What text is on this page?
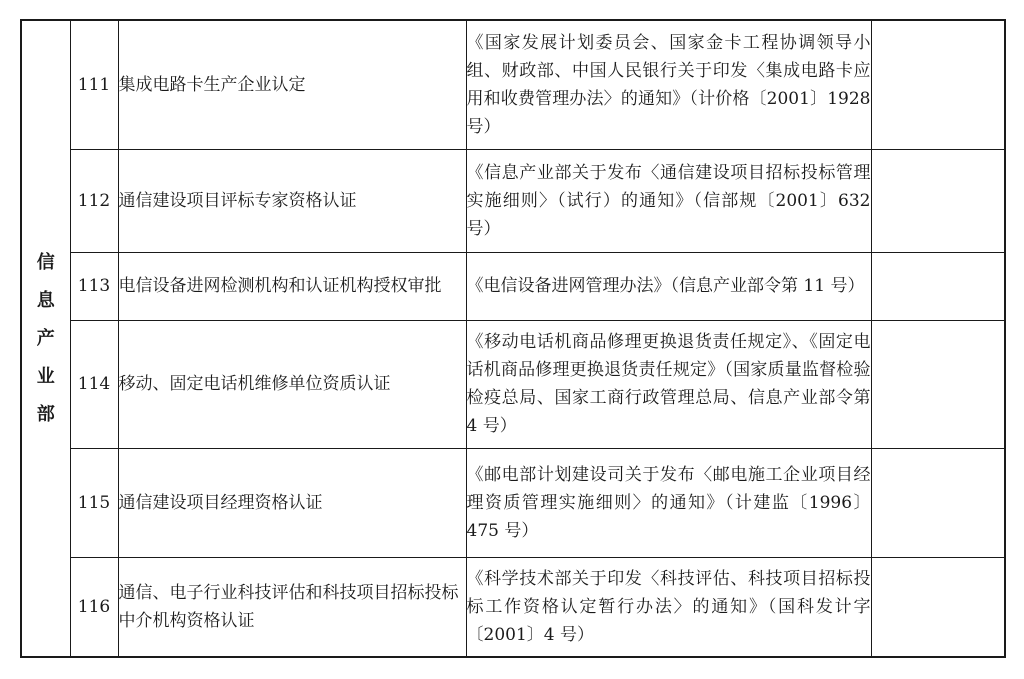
信
息
产
业
部	111	集成电路卡生产企业认定	《国家发展计划委员会、国家金卡工程协调领导小组、财政部、中国人民银行关于印发〈集成电路卡应用和收费管理办法〉的通知》（计价格〔2001〕1928 号）	
	112	通信建设项目评标专家资格认证	《信息产业部关于发布〈通信建设项目招标投标管理实施细则〉（试行）的通知》（信部规〔2001〕632 号）	
	113	电信设备进网检测机构和认证机构授权审批	《电信设备进网管理办法》（信息产业部令第 11 号）	
	114	移动、固定电话机维修单位资质认证	《移动电话机商品修理更换退货责任规定》、《固定电话机商品修理更换退货责任规定》（国家质量监督检验检疫总局、国家工商行政管理总局、信息产业部令第 4 号）	
	115	通信建设项目经理资格认证	《邮电部计划建设司关于发布〈邮电施工企业项目经理资质管理实施细则〉的通知》（计建监〔1996〕475 号）	
	116	通信、电子行业科技评估和科技项目招标投标中介机构资格认证	《科学技术部关于印发〈科技评估、科技项目招标投标工作资格认定暂行办法〉的通知》（国科发计字〔2001〕4 号）	
